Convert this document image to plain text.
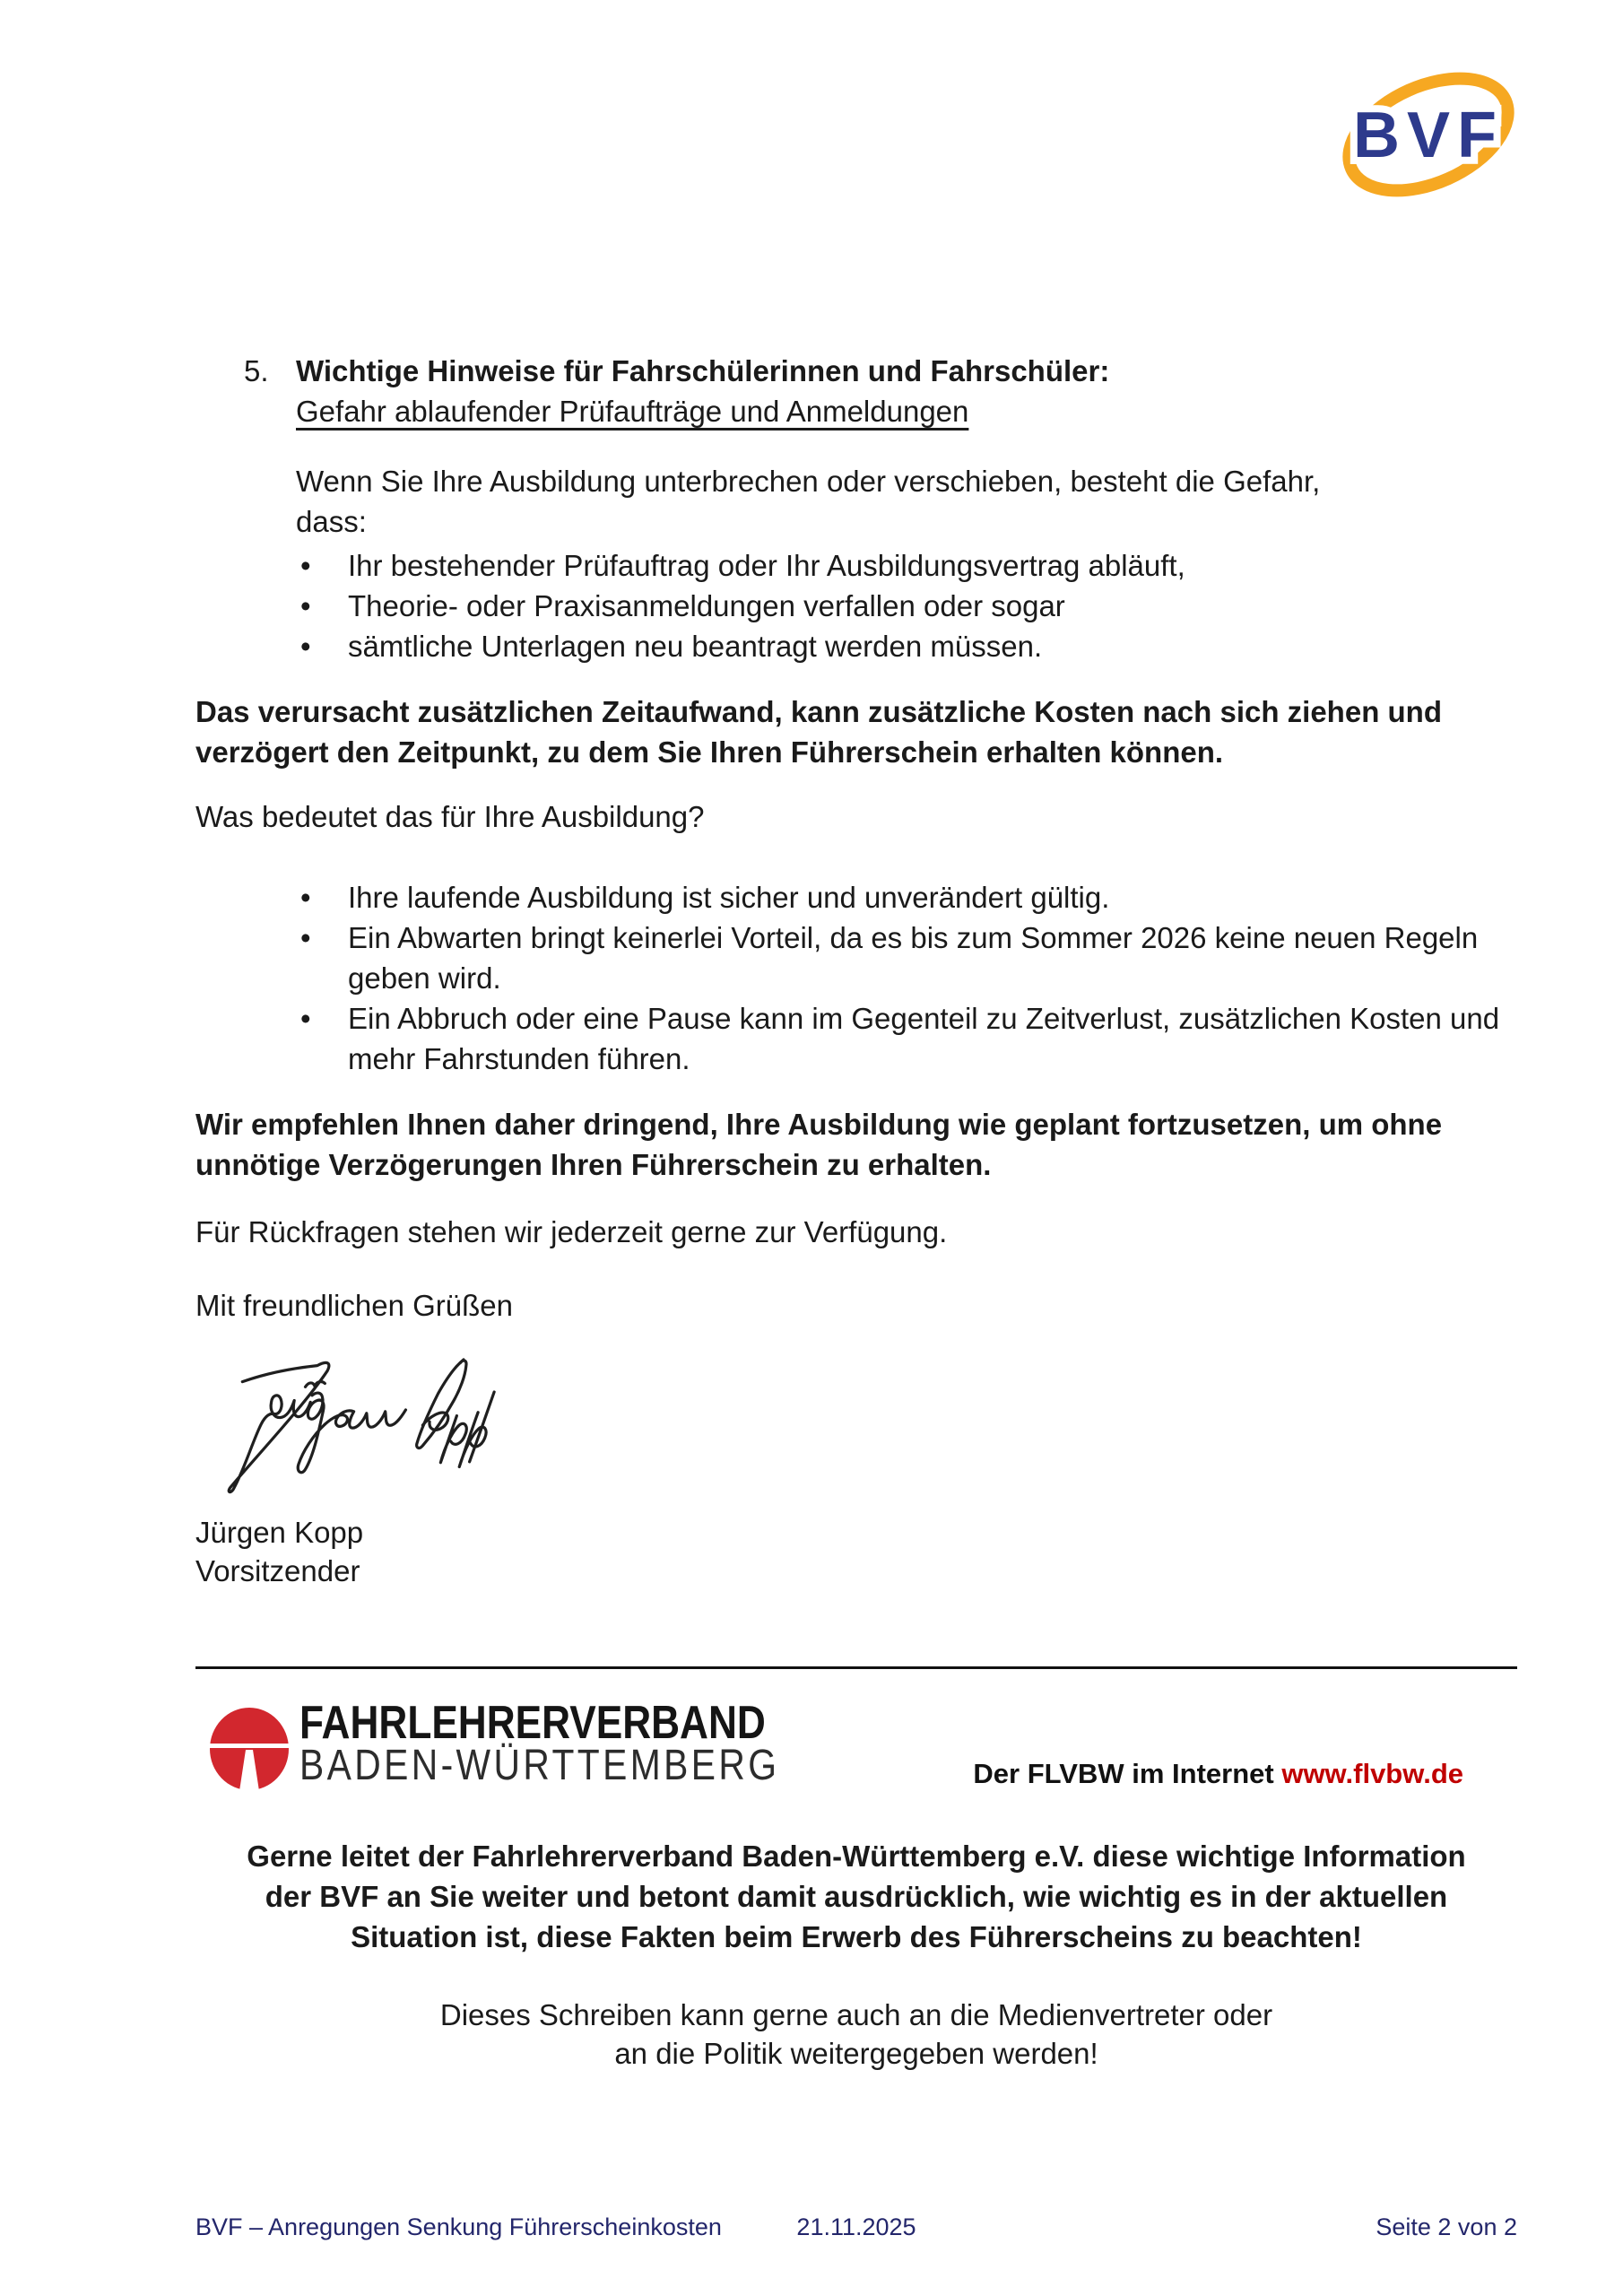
BVF
5. Wichtige Hinweise für Fahrschülerinnen und Fahrschüler:
Gefahr ablaufender Prüfaufträge und Anmeldungen
Wenn Sie Ihre Ausbildung unterbrechen oder verschieben, besteht die Gefahr,
dass:
• Ihr bestehender Prüfauftrag oder Ihr Ausbildungsvertrag abläuft,
• Theorie- oder Praxisanmeldungen verfallen oder sogar
• sämtliche Unterlagen neu beantragt werden müssen.

Das verursacht zusätzlichen Zeitaufwand, kann zusätzliche Kosten nach sich ziehen und verzögert den Zeitpunkt, zu dem Sie Ihren Führerschein erhalten können.

Was bedeutet das für Ihre Ausbildung?

• Ihre laufende Ausbildung ist sicher und unverändert gültig.
• Ein Abwarten bringt keinerlei Vorteil, da es bis zum Sommer 2026 keine neuen Regeln geben wird.
• Ein Abbruch oder eine Pause kann im Gegenteil zu Zeitverlust, zusätzlichen Kosten und mehr Fahrstunden führen.

Wir empfehlen Ihnen daher dringend, Ihre Ausbildung wie geplant fortzusetzen, um ohne unnötige Verzögerungen Ihren Führerschein zu erhalten.

Für Rückfragen stehen wir jederzeit gerne zur Verfügung.

Mit freundlichen Grüßen

Jürgen Kopp
Vorsitzender
FAHRLEHRERVERBAND
BADEN-WÜRTTEMBERG	Der FLVBW im Internet www.flvbw.de
Gerne leitet der Fahrlehrerverband Baden-Württemberg e.V. diese wichtige Information
der BVF an Sie weiter und betont damit ausdrücklich, wie wichtig es in der aktuellen
Situation ist, diese Fakten beim Erwerb des Führerscheins zu beachten!
Dieses Schreiben kann gerne auch an die Medienvertreter oder
an die Politik weitergegeben werden!
BVF – Anregungen Senkung Führerscheinkosten	21.11.2025	Seite 2 von 2
